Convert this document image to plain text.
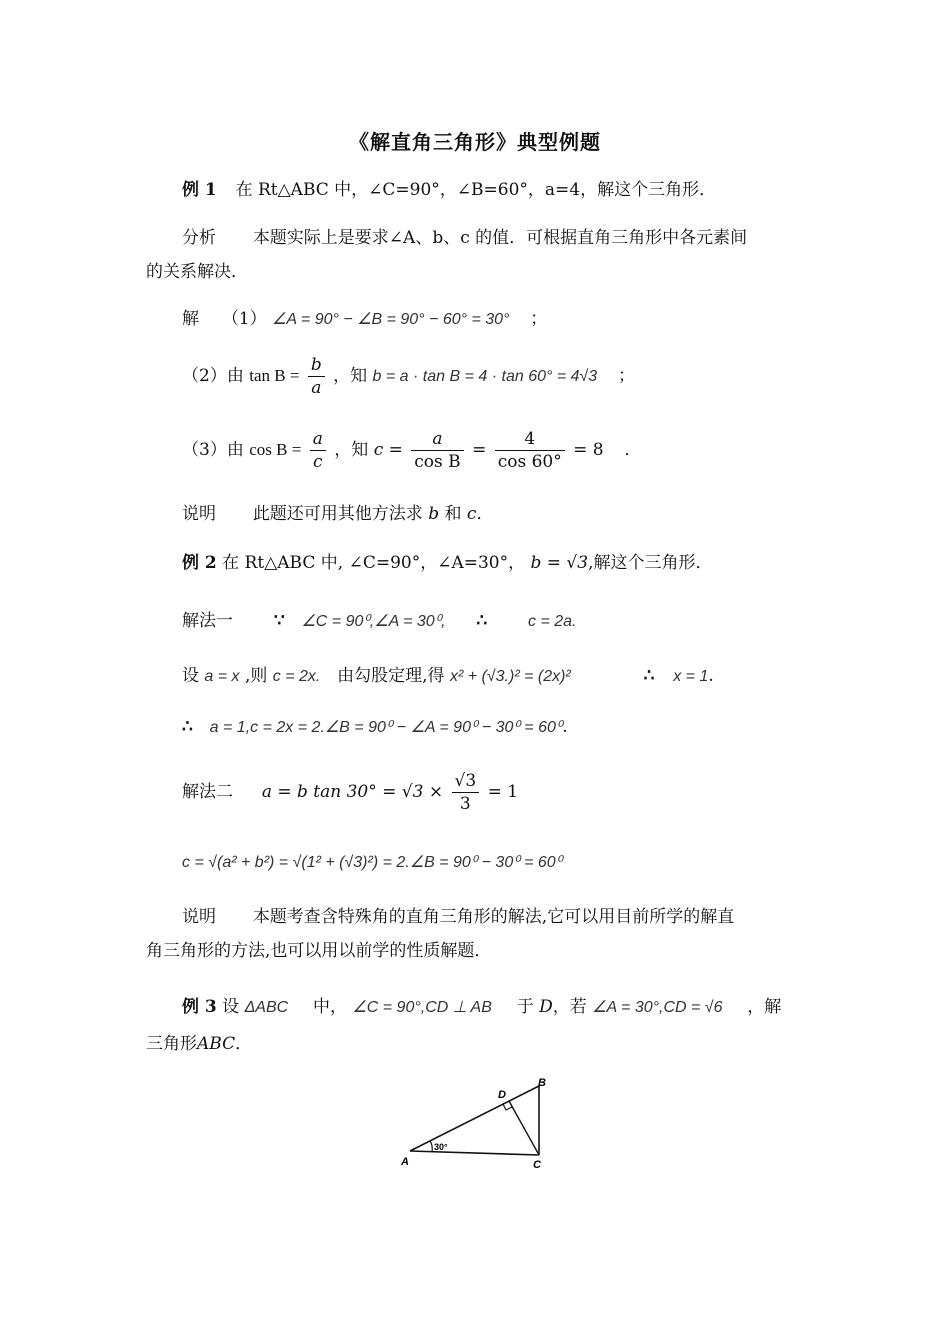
《解直角三角形》典型例题
例 1 在 Rt△ABC 中，∠C=90°，∠B=60°，a=4，解这个三角形．
分析 本题实际上是要求∠A、b、c 的值．可根据直角三角形中各元素间
的关系解决．
解 （1） ∠A = 90° − ∠B = 90° − 60° = 30° ；
（2）由 $\tan B = \frac{b}{a}$ ，知 b = a · tan B = 4 · tan 60° = 4√3 ；
（3）由 $\cos B = \frac{a}{c}$ ，知 $c = \frac{a}{\text{cos B}} = \frac{4}{\cos 60^\circ} = 8$ ．
说明 此题还可用其他方法求 b 和 c．
例 2 在 Rt△ABC 中, ∠C=90°，∠A=30°， b = √3,解这个三角形．
解法一 ∵ ∠C = 90⁰,∠A = 30⁰, ∴	c = 2a.
设 a = x ,则 c = 2x. 由勾股定理,得 x² + (√3.)² = (2x)²	∴ x = 1.
∴ a = 1,c = 2x = 2.∠B = 90⁰ − ∠A = 90⁰ − 30⁰ = 60⁰.
解法二 a = b $\tan 30^\circ = √3 \times \frac{√3}{3} = 1$
c = √(a² + b²) = √(1² + (√3)²) = 2.∠B = 90⁰ − 30⁰ = 60⁰
说明 本题考查含特殊角的直角三角形的解法,它可以用目前所学的解直
角三角形的方法,也可以用以前学的性质解题．
例 3 设 ΔABC 中， ∠C = 90°,CD ⊥ AB 于 D，若 ∠A = 30°,CD = √6 ，解
三角形ABC．
A
B
C
D
30°
